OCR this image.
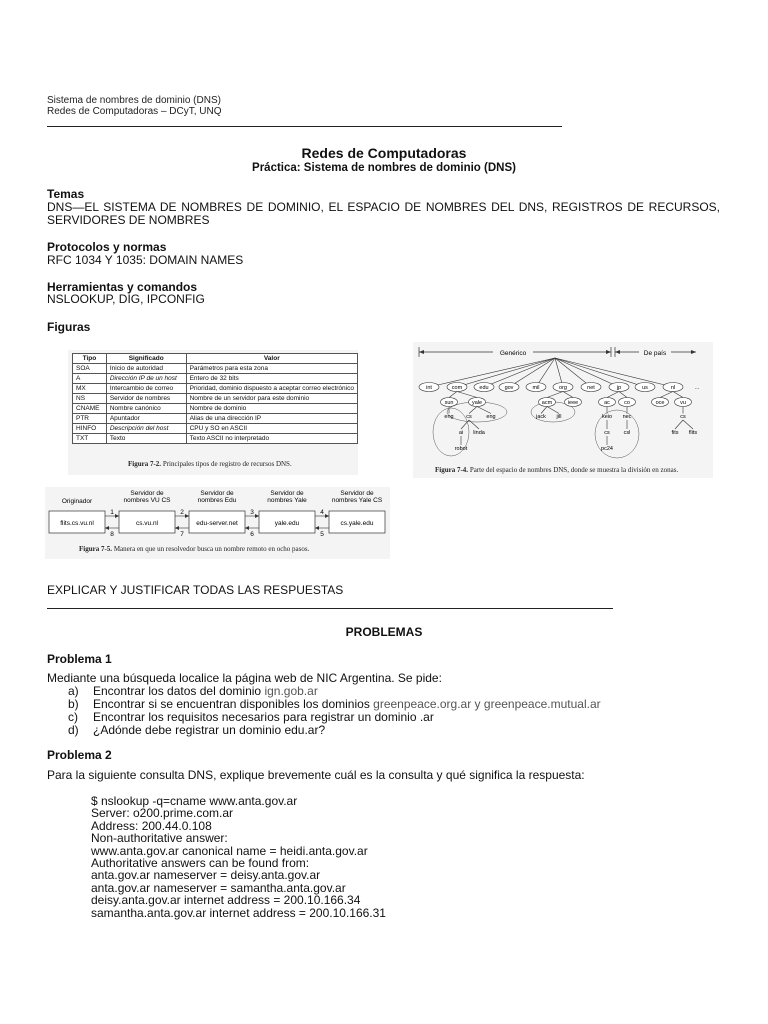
Sistema de nombres de dominio (DNS)
Redes de Computadoras – DCyT, UNQ
Redes de Computadoras
Práctica: Sistema de nombres de dominio (DNS)
Temas
DNS—EL SISTEMA DE NOMBRES DE DOMINIO, EL ESPACIO DE NOMBRES DEL DNS, REGISTROS DE RECURSOS, SERVIDORES DE NOMBRES
Protocolos y normas
RFC 1034 Y 1035: DOMAIN NAMES
Herramientas y comandos
NSLOOKUP, DIG, IPCONFIG
Figuras
Tipo	Significado	Valor
SOA	Inicio de autoridad	Parámetros para esta zona
A	Dirección IP de un host	Entero de 32 bits
MX	Intercambio de correo	Prioridad, dominio dispuesto a aceptar correo electrónico
NS	Servidor de nombres	Nombre de un servidor para este dominio
CNAME	Nombre canónico	Nombre de dominio
PTR	Apuntador	Alias de una dirección IP
HINFO	Descripción del host	CPU y SO en ASCII
TXT	Texto	Texto ASCII no interpretado
Figura 7-2. Principales tipos de registro de recursos DNS.
Genérico	De país
int	com	edu	gov	mil	org	net	jp	us	nl	...
sun	yale	acm	ieee	ac	co	oce	vu
eng cs	eng	jack jill	keio nec	cs
ai linda	cs	csl	fits flits
robot	pc24
Figura 7-4. Parte del espacio de nombres DNS, donde se muestra la división en zonas.
Originador
flits.cs.vu.nl
Servidor de
nombres VU CS
cs.vu.nl
Servidor de
nombres Edu
edu-server.net
Servidor de
nombres Yale
yale.edu
Servidor de
nombres Yale CS
cs.yale.edu
1
8
2
7
3
6
4
5
Figura 7-5. Manera en que un resolvedor busca un nombre remoto en ocho pasos.
EXPLICAR Y JUSTIFICAR TODAS LAS RESPUESTAS
PROBLEMAS
Problema 1
Mediante una búsqueda localice la página web de NIC Argentina. Se pide:
a) Encontrar los datos del dominio ign.gob.ar
b) Encontrar si se encuentran disponibles los dominios greenpeace.org.ar y greenpeace.mutual.ar
c) Encontrar los requisitos necesarios para registrar un dominio .ar
d) ¿Adónde debe registrar un dominio edu.ar?
Problema 2
Para la siguiente consulta DNS, explique brevemente cuál es la consulta y qué significa la respuesta:
$ nslookup -q=cname www.anta.gov.ar
Server: o200.prime.com.ar
Address: 200.44.0.108
Non-authoritative answer:
www.anta.gov.ar canonical name = heidi.anta.gov.ar
Authoritative answers can be found from:
anta.gov.ar nameserver = deisy.anta.gov.ar
anta.gov.ar nameserver = samantha.anta.gov.ar
deisy.anta.gov.ar internet address = 200.10.166.34
samantha.anta.gov.ar internet address = 200.10.166.31
